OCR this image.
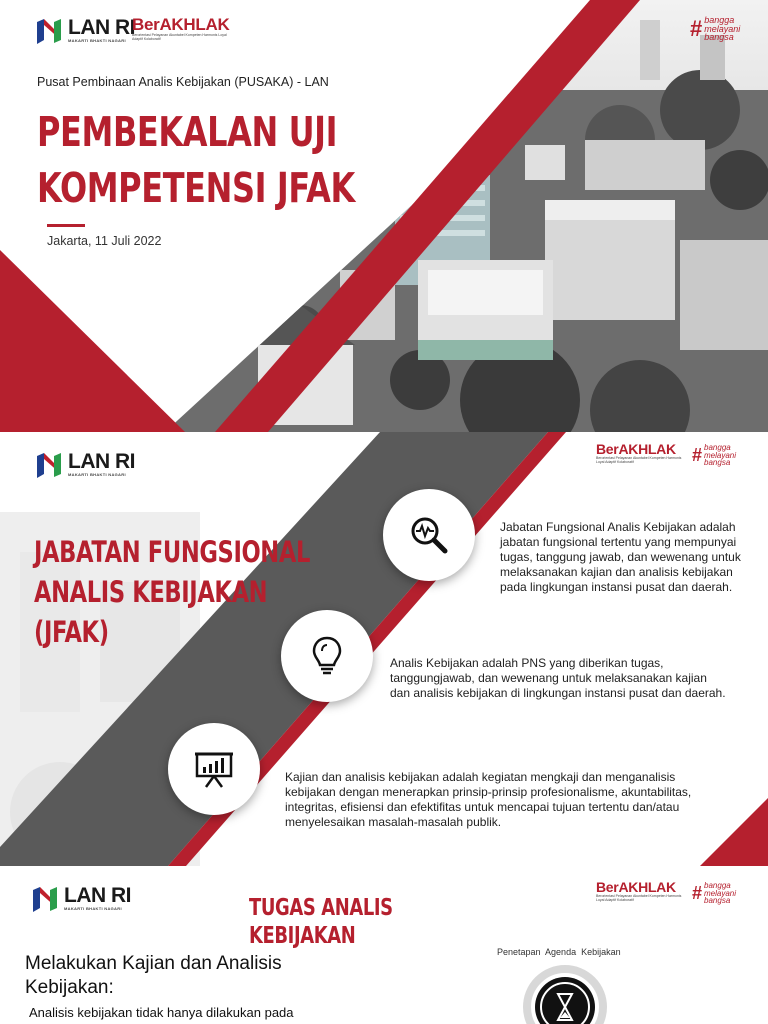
LAN RI
MAKARTI BHAKTI NAGARI
BerAKHLAK
Berorientasi Pelayanan Akuntabel Kompeten Harmonis Loyal Adaptif Kolaboratif	# bangga
melayani
bangsa
Pusat Pembinaan Analis Kebijakan (PUSAKA) - LAN
PEMBEKALAN UJI
KOMPETENSI JFAK
Jakarta, 11 Juli 2022
LAN RI
MAKARTI BHAKTI NAGARI
BerAKHLAK
Berorientasi Pelayanan Akuntabel Kompeten Harmonis Loyal Adaptif Kolaboratif	# bangga
melayani
bangsa
JABATAN FUNGSIONAL
ANALIS KEBIJAKAN (JFAK)
Jabatan Fungsional Analis Kebijakan adalah jabatan fungsional tertentu yang mempunyai tugas, tanggung jawab, dan wewenang untuk melaksanakan kajian dan analisis kebijakan pada lingkungan instansi pusat dan daerah.
Analis Kebijakan adalah PNS yang diberikan tugas, tanggungjawab, dan wewenang untuk melaksanakan kajian dan analisis kebijakan di lingkungan instansi pusat dan daerah.
Kajian dan analisis kebijakan adalah kegiatan mengkaji dan menganalisis kebijakan dengan menerapkan prinsip-prinsip profesionalisme, akuntabilitas, integritas, efisiensi dan efektifitas untuk mencapai tujuan tertentu dan/atau menyelesaikan masalah-masalah publik.
LAN RI
MAKARTI BHAKTI NAGARI	TUGAS ANALIS KEBIJAKAN
BerAKHLAK
Berorientasi Pelayanan Akuntabel Kompeten Harmonis Loyal Adaptif Kolaboratif	# bangga
melayani
bangsa
Melakukan Kajian dan Analisis Kebijakan:
Analisis kebijakan tidak hanya dilakukan pada
Penetapan  Agenda  Kebijakan
